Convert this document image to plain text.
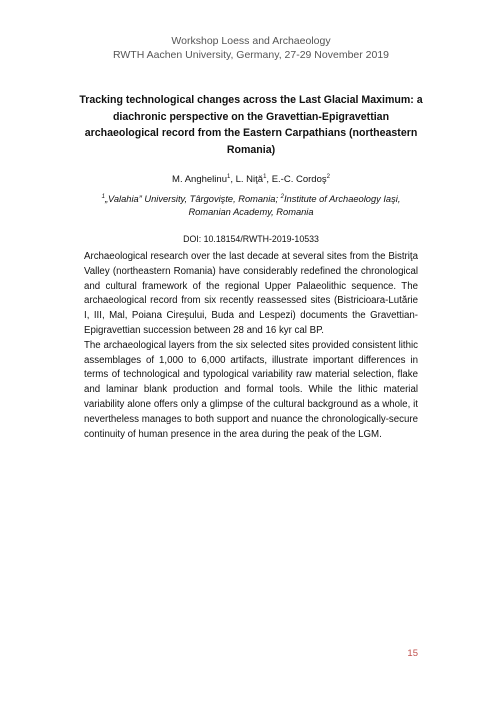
Workshop Loess and Archaeology
RWTH Aachen University, Germany, 27-29 November 2019
Tracking technological changes across the Last Glacial Maximum: a diachronic perspective on the Gravettian-Epigravettian archaeological record from the Eastern Carpathians (northeastern Romania)
M. Anghelinu$^1$, L. Niţă$^1$, E.-C. Cordoş$^2$
$^1$„Valahia” University, Târgovişte, Romania; $^2$Institute of Archaeology Iaşi, Romanian Academy, Romania
DOI: 10.18154/RWTH-2019-10533

Archaeological research over the last decade at several sites from the Bistriţa Valley (northeastern Romania) have considerably redefined the chronological and cultural framework of the regional Upper Palaeolithic sequence. The archaeological record from six recently reassessed sites (Bistricioara-Lutărie I, III, Mal, Poiana Cireşului, Buda and Lespezi) documents the Gravettian-Epigravettian succession between 28 and 16 kyr cal BP.

The archaeological layers from the six selected sites provided consistent lithic assemblages of 1,000 to 6,000 artifacts, illustrate important differences in terms of technological and typological variability raw material selection, flake and laminar blank production and formal tools. While the lithic material variability alone offers only a glimpse of the cultural background as a whole, it nevertheless manages to both support and nuance the chronologically-secure continuity of human presence in the area during the peak of the LGM.

15
